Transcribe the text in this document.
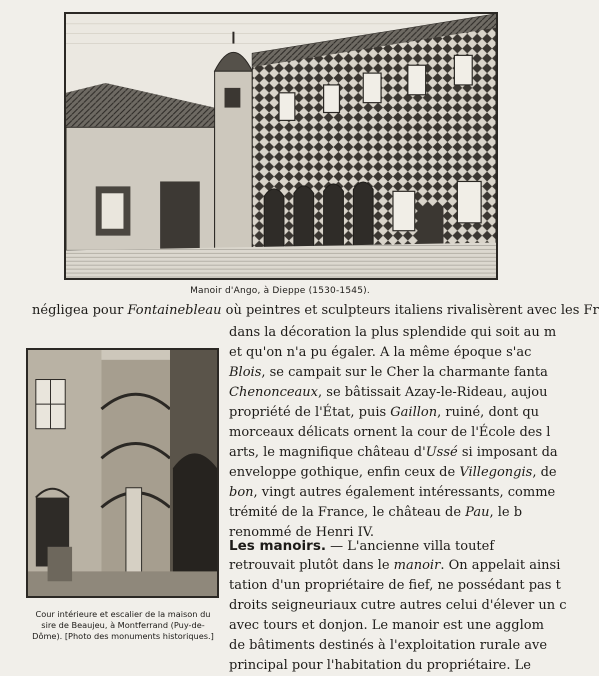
Manoir d'Ango, à Dieppe (1530-1545).
négligea pour Fontainebleau où peintres et sculpteurs italiens rivalisèrent avec les Fr
Cour intérieure et escalier de la maison du
sire de Beaujeu, à Montferrand (Puy-de-
Dôme). [Photo des monuments historiques.]
dans la décoration la plus splendide qui soit au m
et qu'on n'a pu égaler. A la même époque s'ac
Blois, se campait sur le Cher la charmante fanta
Chenonceaux, se bâtissait Azay-le-Rideau, aujou
propriété de l'État, puis Gaillon, ruiné, dont qu
morceaux délicats ornent la cour de l'École des l
arts, le magnifique château d'Ussé si imposant da
enveloppe gothique, enfin ceux de Villegongis, de
bon, vingt autres également intéressants, comme
trémité de la France, le château de Pau, le b
renommé de Henri IV.
Les manoirs. — L'ancienne villa toutef
retrouvait plutôt dans le manoir. On appelait ainsi
tation d'un propriétaire de fief, ne possédant pas t
droits seigneuriaux cutre autres celui d'élever un c
avec tours et donjon. Le manoir est une agglom
de bâtiments destinés à l'exploitation rurale ave
principal pour l'habitation du propriétaire. Le
